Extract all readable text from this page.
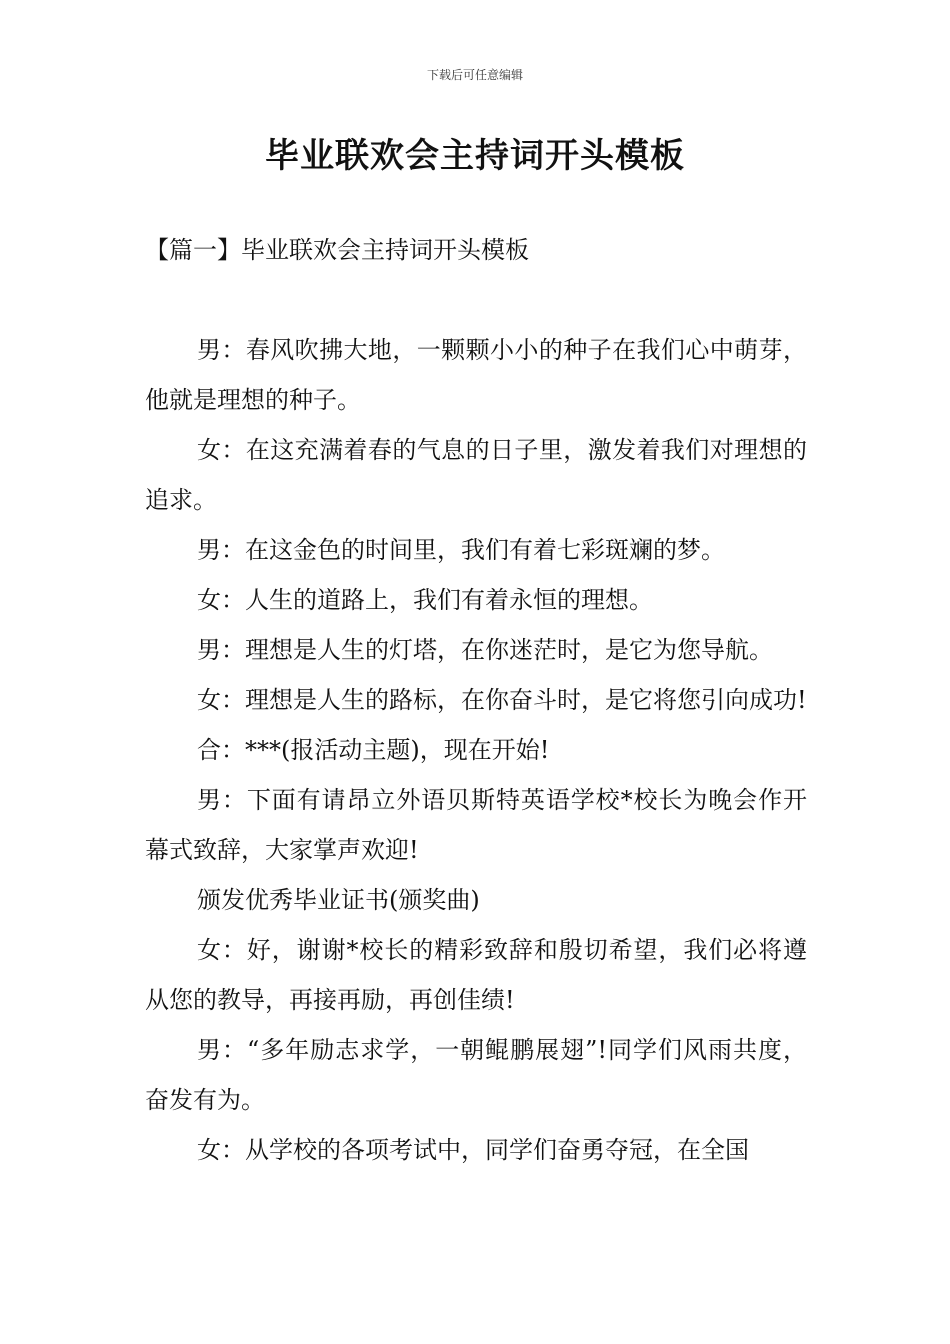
下载后可任意编辑
毕业联欢会主持词开头模板
【篇一】毕业联欢会主持词开头模板

男：春风吹拂大地，一颗颗小小的种子在我们心中萌芽，他就是理想的种子。

女：在这充满着春的气息的日子里，激发着我们对理想的追求。

男：在这金色的时间里，我们有着七彩斑斓的梦。

女：人生的道路上，我们有着永恒的理想。

男：理想是人生的灯塔，在你迷茫时，是它为您导航。

女：理想是人生的路标，在你奋斗时，是它将您引向成功!

合：***(报活动主题)，现在开始!

男：下面有请昂立外语贝斯特英语学校*校长为晚会作开幕式致辞，大家掌声欢迎!

颁发优秀毕业证书(颁奖曲)

女：好，谢谢*校长的精彩致辞和殷切希望，我们必将遵从您的教导，再接再励，再创佳绩!

男：“多年励志求学，一朝鲲鹏展翅”!同学们风雨共度，奋发有为。

女：从学校的各项考试中，同学们奋勇夺冠，在全国
